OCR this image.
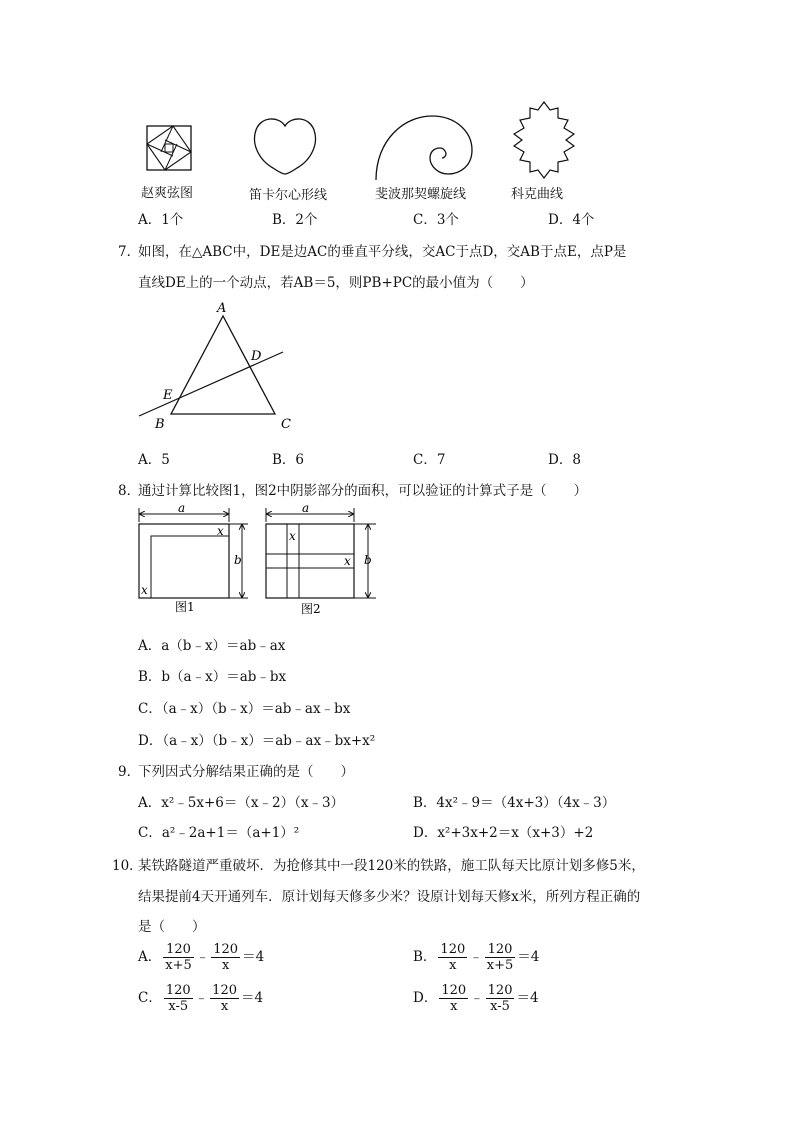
赵爽弦图	笛卡尔心形线	斐波那契螺旋线	科克曲线
A．1个	B．2个	C．3个	D．4个
7．
如图，在△ABC中，DE是边AC的垂直平分线，交AC于点D，交AB于点E，点P是
直线DE上的一个动点，若AB＝5，则PB+PC的最小值为（　　）
A
D
E
B	C
A．5	B．6	C．7	D．8
8．
通过计算比较图1，图2中阴影部分的面积，可以验证的计算式子是（　　）
a
x
x
b
图1
a
x
x b
图2
A．a（b﹣x）＝ab﹣ax
B．b（a﹣x）＝ab﹣bx
C．（a﹣x）（b﹣x）＝ab﹣ax﹣bx
D．（a﹣x）（b﹣x）＝ab﹣ax﹣bx+x²
9．
下列因式分解结果正确的是（　　）
A．x²﹣5x+6＝（x﹣2）（x﹣3）	B．4x²﹣9＝（4x+3）（4x﹣3）
C．a²﹣2a+1＝（a+1）²	D．x²+3x+2＝x（x+3）+2
10．
某铁路隧道严重破坏．为抢修其中一段120米的铁路，施工队每天比原计划多修5米，
结果提前4天开通列车．原计划每天修多少米？设原计划每天修x米，所列方程正确的
是（　　）
A． $\frac{120}{x+5}$ ﹣ $\frac{120}{x} =4$	B． $\frac{120}{x}$ ﹣ $\frac{120}{x+5} =4$
C． $\frac{120}{x-5}$ ﹣ $\frac{120}{x} =4$	D． $\frac{120}{x}$ ﹣ $\frac{120}{x-5} =4$
